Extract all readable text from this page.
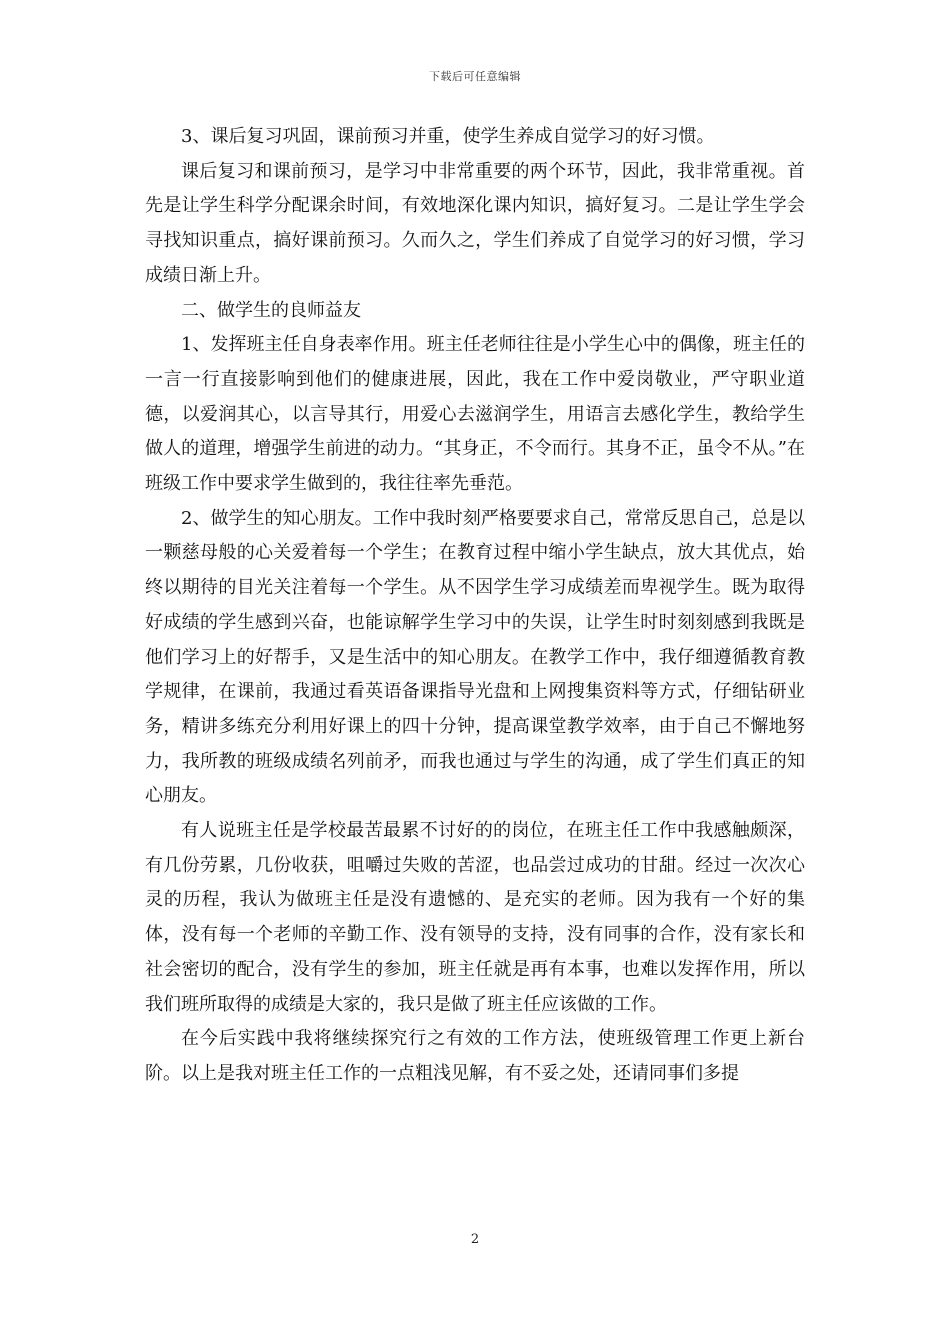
下载后可任意编辑

3、课后复习巩固，课前预习并重，使学生养成自觉学习的好习惯。

课后复习和课前预习，是学习中非常重要的两个环节，因此，我非常重视。首先是让学生科学分配课余时间，有效地深化课内知识，搞好复习。二是让学生学会寻找知识重点，搞好课前预习。久而久之，学生们养成了自觉学习的好习惯，学习成绩日渐上升。

二、做学生的良师益友

1、发挥班主任自身表率作用。班主任老师往往是小学生心中的偶像，班主任的一言一行直接影响到他们的健康进展，因此，我在工作中爱岗敬业，严守职业道德，以爱润其心，以言导其行，用爱心去滋润学生，用语言去感化学生，教给学生做人的道理，增强学生前进的动力。“其身正，不令而行。其身不正，虽令不从。”在班级工作中要求学生做到的，我往往率先垂范。

2、做学生的知心朋友。工作中我时刻严格要要求自己，常常反思自己，总是以一颗慈母般的心关爱着每一个学生；在教育过程中缩小学生缺点，放大其优点，始终以期待的目光关注着每一个学生。从不因学生学习成绩差而卑视学生。既为取得好成绩的学生感到兴奋，也能谅解学生学习中的失误，让学生时时刻刻感到我既是他们学习上的好帮手，又是生活中的知心朋友。在教学工作中，我仔细遵循教育教学规律，在课前，我通过看英语备课指导光盘和上网搜集资料等方式，仔细钻研业务，精讲多练充分利用好课上的四十分钟，提高课堂教学效率，由于自己不懈地努力，我所教的班级成绩名列前矛，而我也通过与学生的沟通，成了学生们真正的知心朋友。

有人说班主任是学校最苦最累不讨好的的岗位，在班主任工作中我感触颇深，有几份劳累，几份收获，咀嚼过失败的苦涩，也品尝过成功的甘甜。经过一次次心灵的历程，我认为做班主任是没有遗憾的、是充实的老师。因为我有一个好的集体，没有每一个老师的辛勤工作、没有领导的支持，没有同事的合作，没有家长和社会密切的配合，没有学生的参加，班主任就是再有本事，也难以发挥作用，所以我们班所取得的成绩是大家的，我只是做了班主任应该做的工作。

在今后实践中我将继续探究行之有效的工作方法，使班级管理工作更上新台阶。以上是我对班主任工作的一点粗浅见解，有不妥之处，还请同事们多提

2
